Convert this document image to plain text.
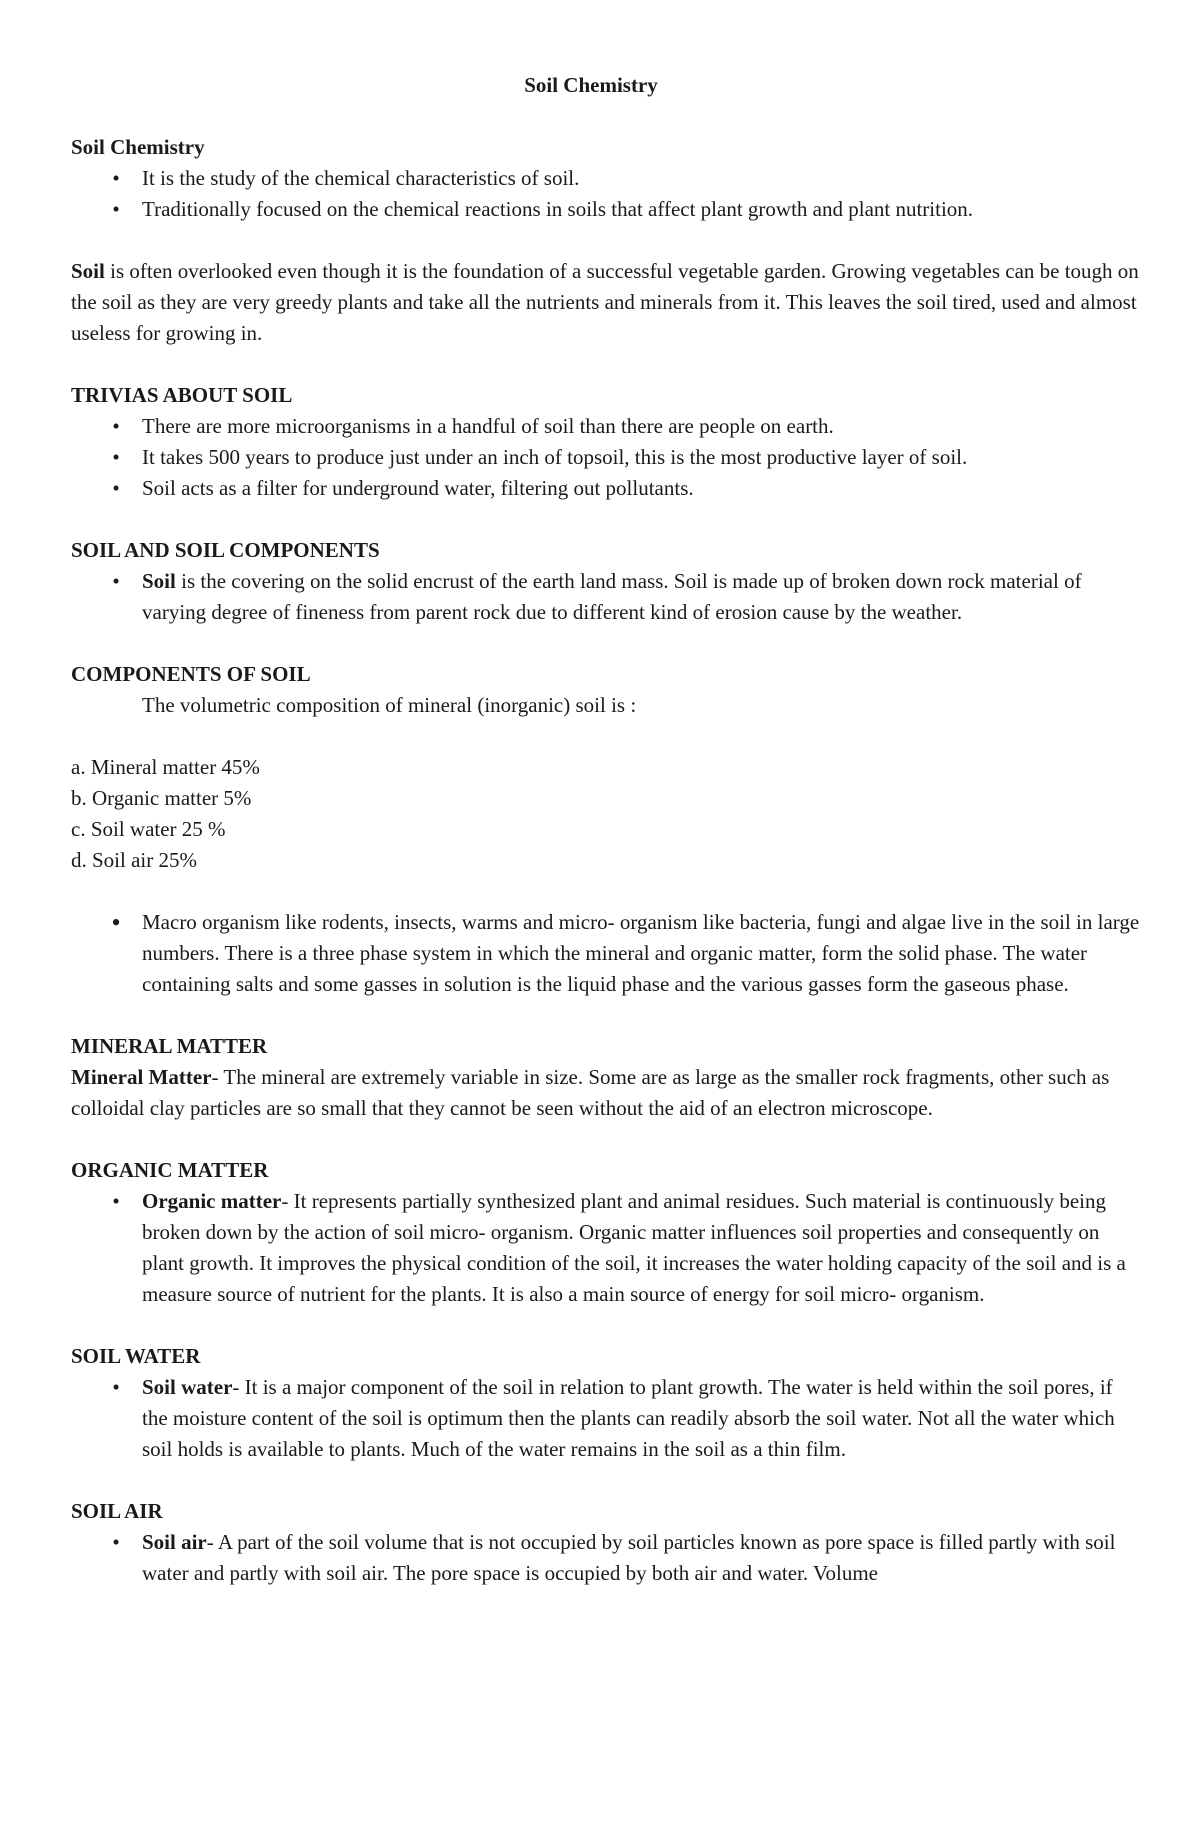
Soil Chemistry

Soil Chemistry

•	It is the study of the chemical characteristics of soil.
•	Traditionally focused on the chemical reactions in soils that affect plant growth and plant nutrition.

Soil is often overlooked even though it is the foundation of a successful vegetable garden. Growing vegetables can be tough on the soil as they are very greedy plants and take all the nutrients and minerals from it. This leaves the soil tired, used and almost useless for growing in.

TRIVIAS ABOUT SOIL

•	There are more microorganisms in a handful of soil than there are people on earth.
•	It takes 500 years to produce just under an inch of topsoil, this is the most productive layer of soil.
•	Soil acts as a filter for underground water, filtering out pollutants.

SOIL AND SOIL COMPONENTS

•	Soil is the covering on the solid encrust of the earth land mass. Soil is made up of broken down rock material of varying degree of fineness from parent rock due to different kind of erosion cause by the weather.

COMPONENTS OF SOIL

The volumetric composition of mineral (inorganic) soil is :

a. Mineral matter 45%

b. Organic matter 5%

c. Soil water 25 %

d. Soil air 25%

• Macro organism like rodents, insects, warms and micro- organism like bacteria, fungi and algae live in the soil in large numbers. There is a three phase system in which the mineral and organic matter, form the solid phase. The water containing salts and some gasses in solution is the liquid phase and the various gasses form the gaseous phase.

MINERAL MATTER

Mineral Matter- The mineral are extremely variable in size. Some are as large as the smaller rock fragments, other such as colloidal clay particles are so small that they cannot be seen without the aid of an electron microscope.

ORGANIC MATTER

•	Organic matter- It represents partially synthesized plant and animal residues. Such material is continuously being broken down by the action of soil micro- organism. Organic matter influences soil properties and consequently on plant growth. It improves the physical condition of the soil, it increases the water holding capacity of the soil and is a measure source of nutrient for the plants. It is also a main source of energy for soil micro- organism.

SOIL WATER

•	Soil water- It is a major component of the soil in relation to plant growth. The water is held within the soil pores, if the moisture content of the soil is optimum then the plants can readily absorb the soil water. Not all the water which soil holds is available to plants. Much of the water remains in the soil as a thin film.

SOIL AIR

•	Soil air- A part of the soil volume that is not occupied by soil particles known as pore space is filled partly with soil water and partly with soil air. The pore space is occupied by both air and water. Volume
